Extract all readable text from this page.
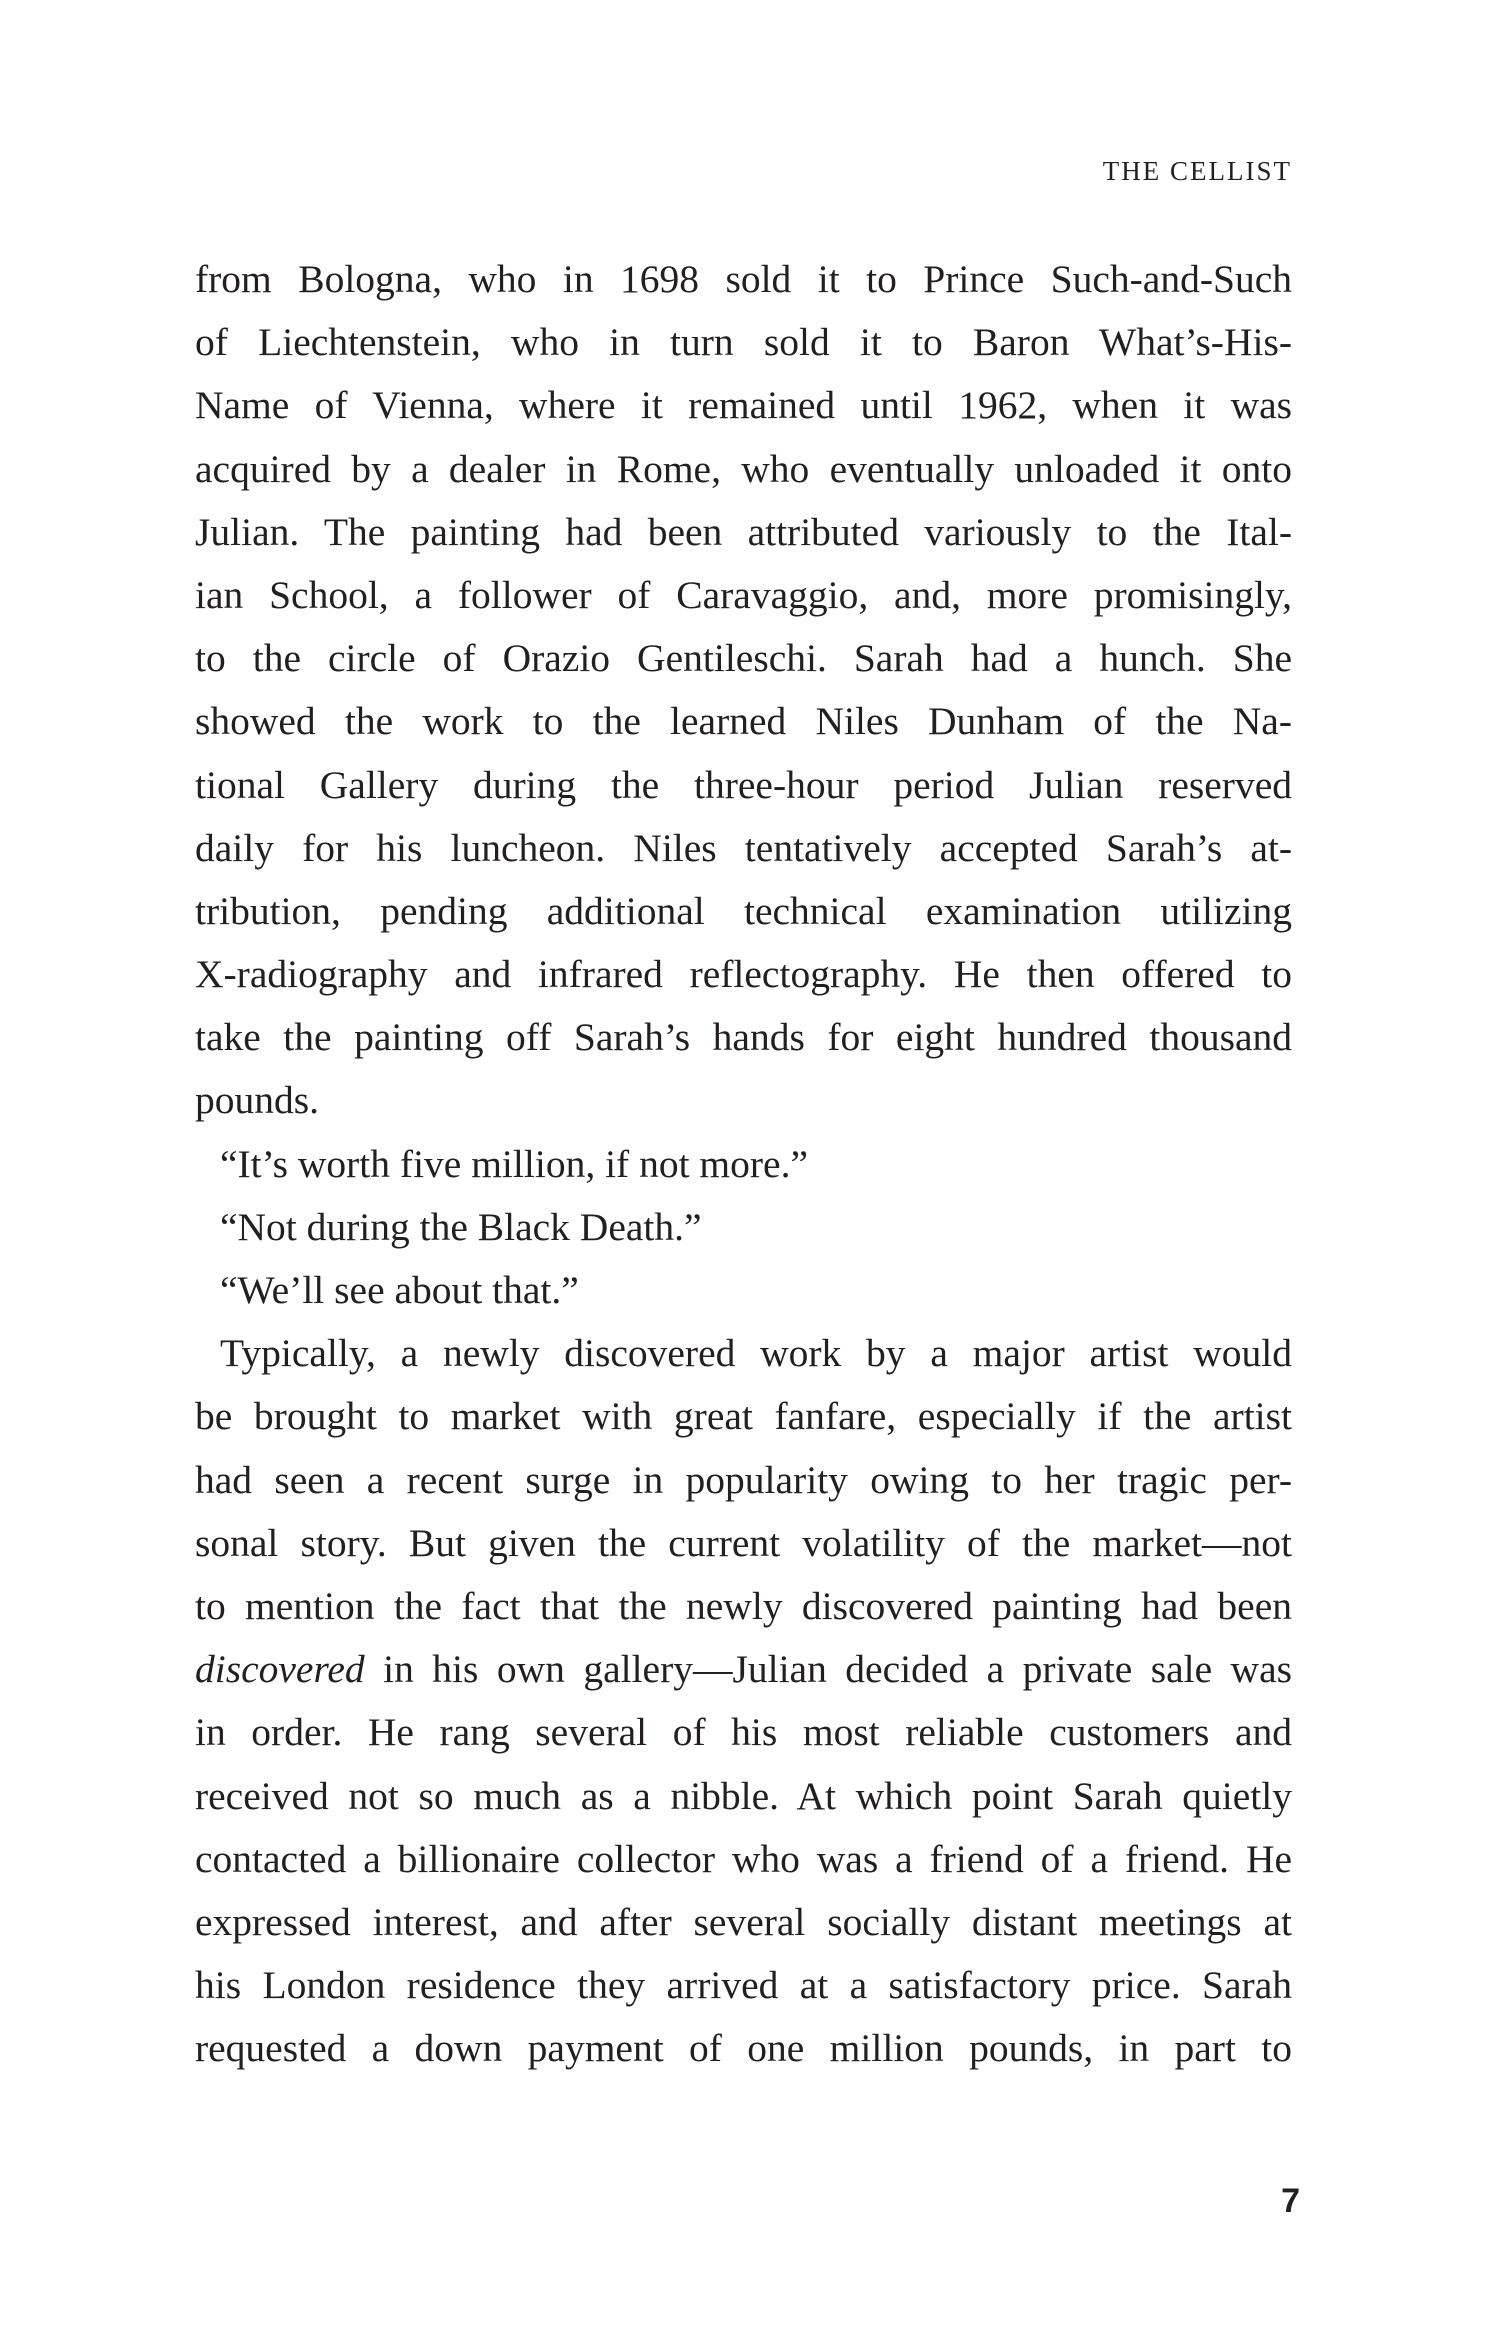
THE CELLIST
from Bologna, who in 1698 sold it to Prince Such-and-Such
of Liechtenstein, who in turn sold it to Baron What’s-His-
Name of Vienna, where it remained until 1962, when it was
acquired by a dealer in Rome, who eventually unloaded it onto
Julian. The painting had been attributed variously to the Ital-
ian School, a follower of Caravaggio, and, more promisingly,
to the circle of Orazio Gentileschi. Sarah had a hunch. She
showed the work to the learned Niles Dunham of the Na-
tional Gallery during the three-hour period Julian reserved
daily for his luncheon. Niles tentatively accepted Sarah’s at-
tribution, pending additional technical examination utilizing
X-radiography and infrared reflectography. He then offered to
take the painting off Sarah’s hands for eight hundred thousand
pounds.
“It’s worth five million, if not more.”
“Not during the Black Death.”
“We’ll see about that.”
Typically, a newly discovered work by a major artist would
be brought to market with great fanfare, especially if the artist
had seen a recent surge in popularity owing to her tragic per-
sonal story. But given the current volatility of the market—not
to mention the fact that the newly discovered painting had been
discovered in his own gallery—Julian decided a private sale was
in order. He rang several of his most reliable customers and
received not so much as a nibble. At which point Sarah quietly
contacted a billionaire collector who was a friend of a friend. He
expressed interest, and after several socially distant meetings at
his London residence they arrived at a satisfactory price. Sarah
requested a down payment of one million pounds, in part to
7
